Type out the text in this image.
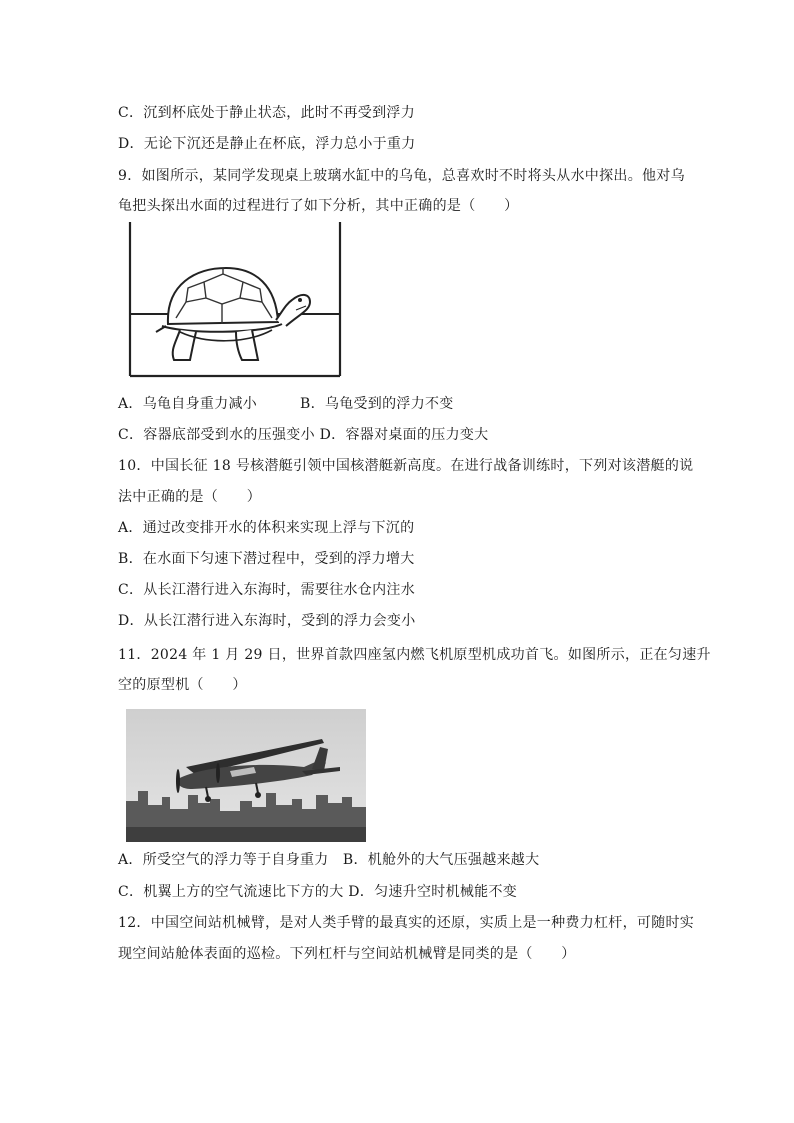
C．沉到杯底处于静止状态，此时不再受到浮力
D．无论下沉还是静止在杯底，浮力总小于重力
9．如图所示，某同学发现桌上玻璃水缸中的乌龟，总喜欢时不时将头从水中探出。他对乌
龟把头探出水面的过程进行了如下分析，其中正确的是（　　）
A．乌龟自身重力减小　　　B．乌龟受到的浮力不变
C．容器底部受到水的压强变小 D．容器对桌面的压力变大
10．中国长征 18 号核潜艇引领中国核潜艇新高度。在进行战备训练时，下列对该潜艇的说
法中正确的是（　　）
A．通过改变排开水的体积来实现上浮与下沉的
B．在水面下匀速下潜过程中，受到的浮力增大
C．从长江潜行进入东海时，需要往水仓内注水
D．从长江潜行进入东海时，受到的浮力会变小
11．2024 年 1 月 29 日，世界首款四座氢内燃飞机原型机成功首飞。如图所示，正在匀速升
空的原型机（　　）
A．所受空气的浮力等于自身重力　B．机舱外的大气压强越来越大
C．机翼上方的空气流速比下方的大 D．匀速升空时机械能不变
12．中国空间站机械臂，是对人类手臂的最真实的还原，实质上是一种费力杠杆，可随时实
现空间站舱体表面的巡检。下列杠杆与空间站机械臂是同类的是（　　）
